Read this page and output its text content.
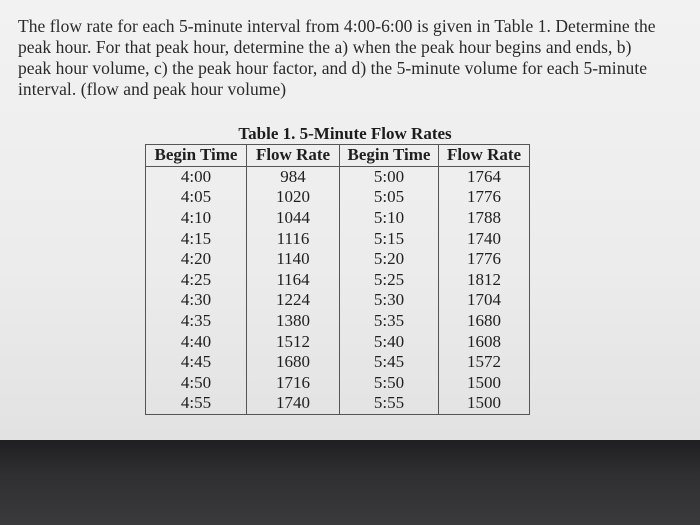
The flow rate for each 5-minute interval from 4:00-6:00 is given in Table 1. Determine the
peak hour. For that peak hour, determine the a) when the peak hour begins and ends, b)
peak hour volume, c) the peak hour factor, and d) the 5-minute volume for each 5-minute
interval. (flow and peak hour volume)

Table 1. 5-Minute Flow Rates
Begin Time	Flow Rate	Begin Time	Flow Rate
4:00	984	5:00	1764
4:05	1020	5:05	1776
4:10	1044	5:10	1788
4:15	1116	5:15	1740
4:20	1140	5:20	1776
4:25	1164	5:25	1812
4:30	1224	5:30	1704
4:35	1380	5:35	1680
4:40	1512	5:40	1608
4:45	1680	5:45	1572
4:50	1716	5:50	1500
4:55	1740	5:55	1500
